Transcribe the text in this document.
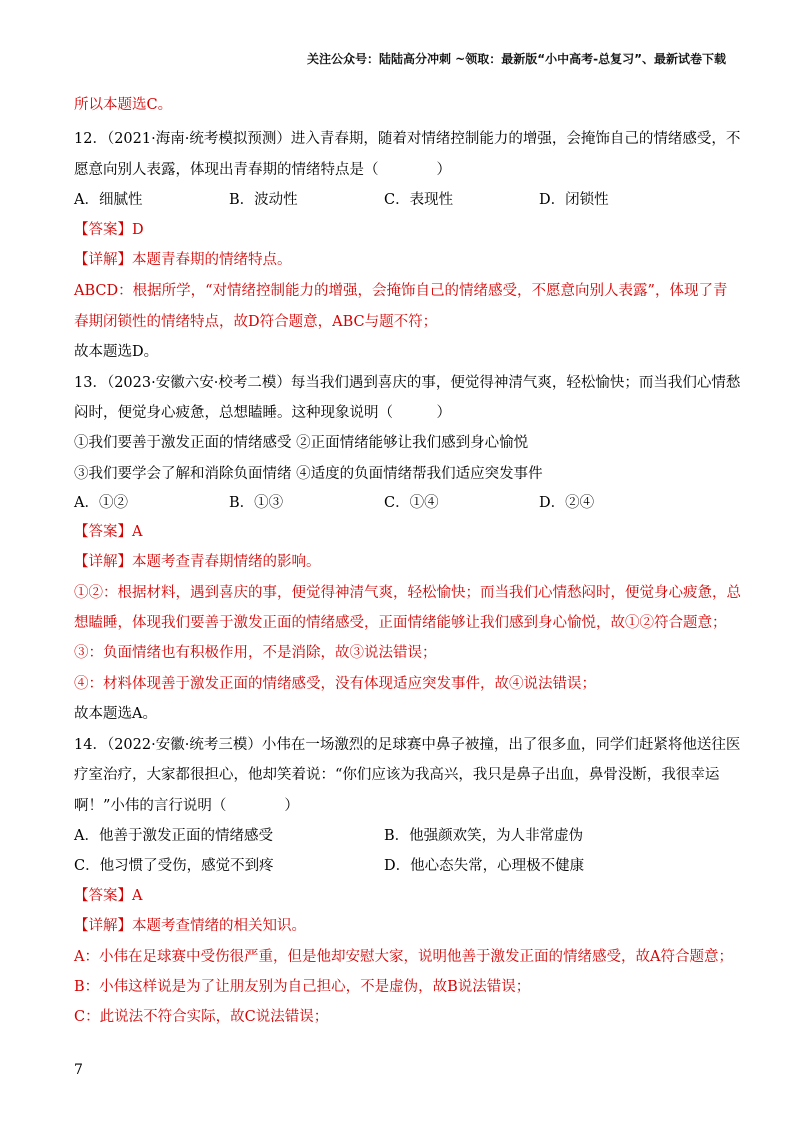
关注公众号：陆陆高分冲刺 ~领取：最新版“小中高考-总复习”、最新试卷下载
所以本题选C。
12．（2021·海南·统考模拟预测）进入青春期，随着对情绪控制能力的增强，会掩饰自己的情绪感受，不
愿意向别人表露，体现出青春期的情绪特点是（　　　　）
A．细腻性	B．波动性	C．表现性	D．闭锁性
【答案】D
【详解】本题青春期的情绪特点。
ABCD：根据所学，“对情绪控制能力的增强，会掩饰自己的情绪感受，不愿意向别人表露”，体现了青
春期闭锁性的情绪特点，故D符合题意，ABC与题不符；
故本题选D。
13．（2023·安徽六安·校考二模）每当我们遇到喜庆的事，便觉得神清气爽，轻松愉快；而当我们心情愁
闷时，便觉身心疲惫，总想瞌睡。这种现象说明（　　　）
①我们要善于激发正面的情绪感受 ②正面情绪能够让我们感到身心愉悦
③我们要学会了解和消除负面情绪 ④适度的负面情绪帮我们适应突发事件
A．①②	B．①③	C．①④	D．②④
【答案】A
【详解】本题考查青春期情绪的影响。
①②：根据材料，遇到喜庆的事，便觉得神清气爽，轻松愉快；而当我们心情愁闷时，便觉身心疲惫，总
想瞌睡，体现我们要善于激发正面的情绪感受，正面情绪能够让我们感到身心愉悦，故①②符合题意；
③：负面情绪也有积极作用，不是消除，故③说法错误；
④：材料体现善于激发正面的情绪感受，没有体现适应突发事件，故④说法错误；
故本题选A。
14．（2022·安徽·统考三模）小伟在一场激烈的足球赛中鼻子被撞，出了很多血，同学们赶紧将他送往医
疗室治疗，大家都很担心，他却笑着说：“你们应该为我高兴，我只是鼻子出血，鼻骨没断，我很幸运
啊！”小伟的言行说明（　　　　）
A．他善于激发正面的情绪感受	B．他强颜欢笑，为人非常虚伪
C．他习惯了受伤，感觉不到疼	D．他心态失常，心理极不健康
【答案】A
【详解】本题考查情绪的相关知识。
A：小伟在足球赛中受伤很严重，但是他却安慰大家，说明他善于激发正面的情绪感受，故A符合题意；
B：小伟这样说是为了让朋友别为自己担心，不是虚伪，故B说法错误；
C：此说法不符合实际，故C说法错误；
7
